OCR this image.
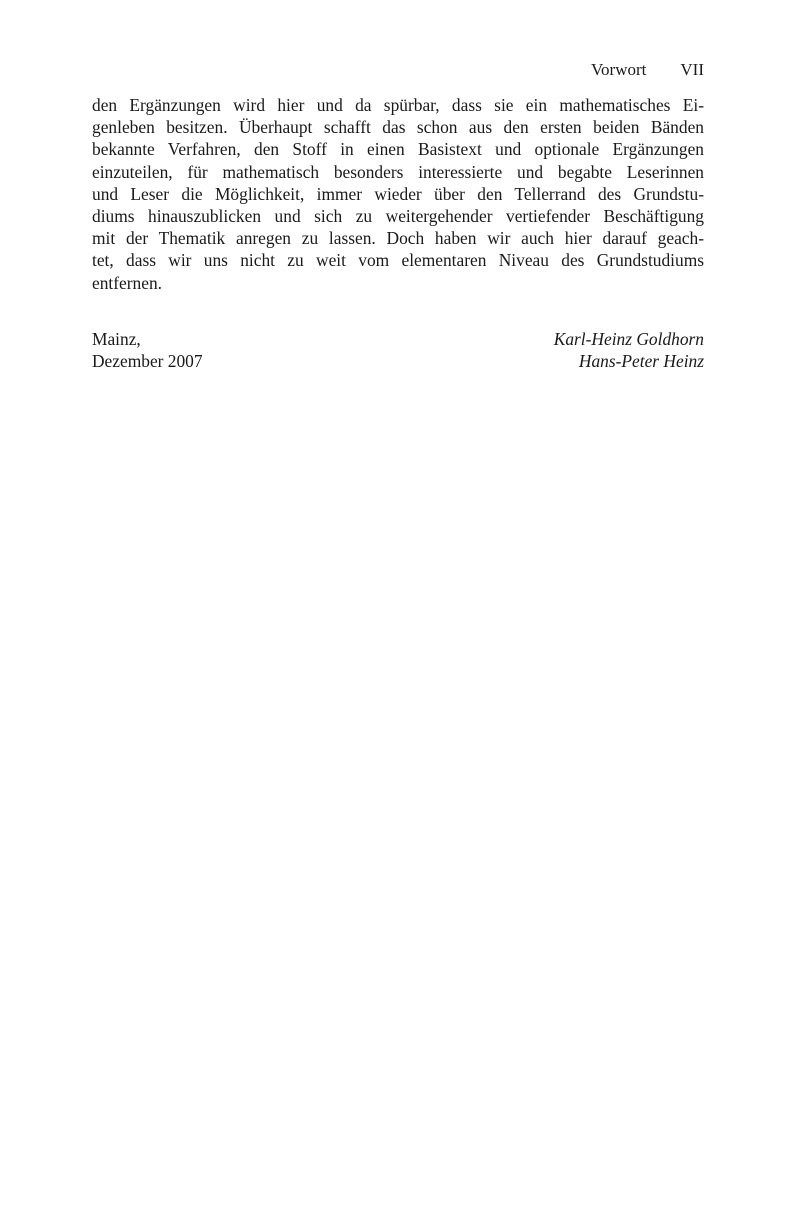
Vorwort VII

den Ergänzungen wird hier und da spürbar, dass sie ein mathematisches Ei-
genleben besitzen. Überhaupt schafft das schon aus den ersten beiden Bänden
bekannte Verfahren, den Stoff in einen Basistext und optionale Ergänzungen
einzuteilen, für mathematisch besonders interessierte und begabte Leserinnen
und Leser die Möglichkeit, immer wieder über den Tellerrand des Grundstu-
diums hinauszublicken und sich zu weitergehender vertiefender Beschäftigung
mit der Thematik anregen zu lassen. Doch haben wir auch hier darauf geach-
tet, dass wir uns nicht zu weit vom elementaren Niveau des Grundstudiums
entfernen.

Mainz,
Dezember 2007
Karl-Heinz Goldhorn
Hans-Peter Heinz
